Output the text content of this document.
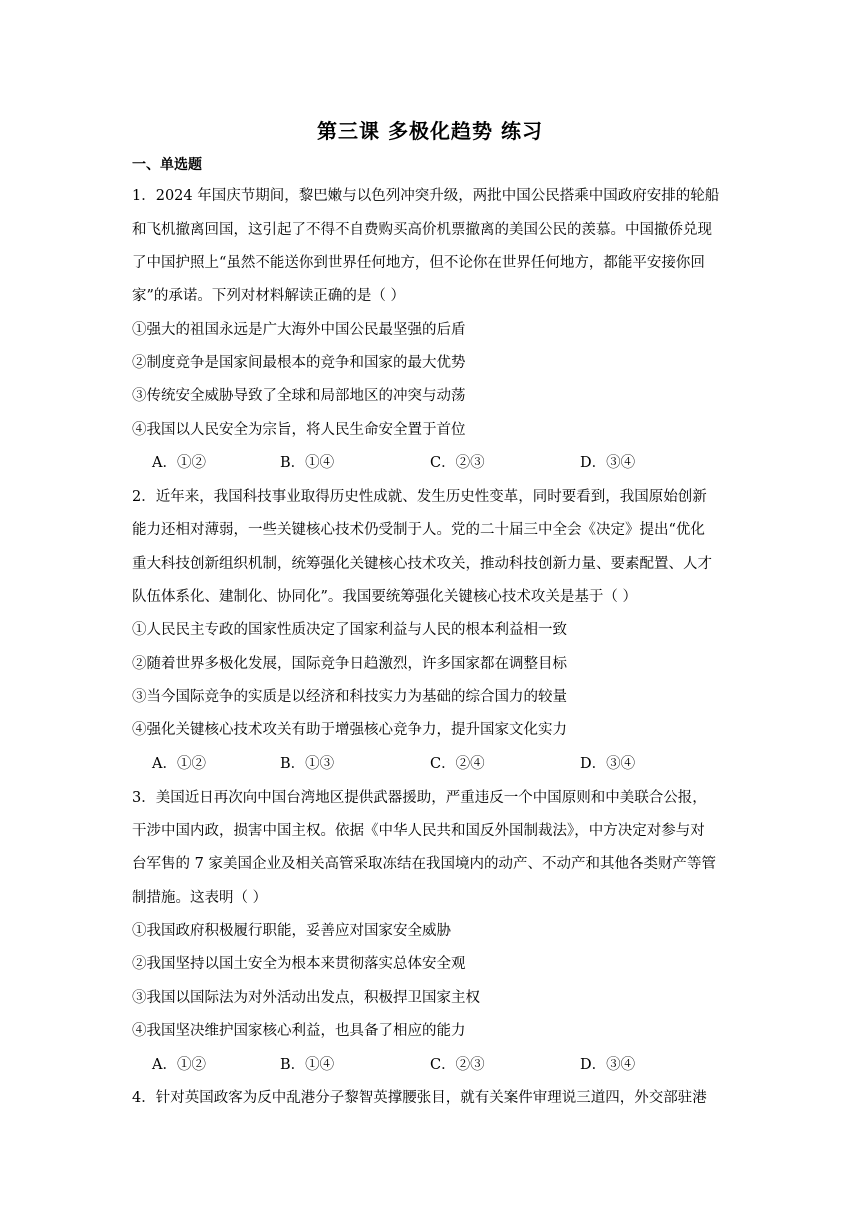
第三课 多极化趋势 练习
一、单选题
1．2024 年国庆节期间，黎巴嫩与以色列冲突升级，两批中国公民搭乘中国政府安排的轮船
和飞机撤离回国，这引起了不得不自费购买高价机票撤离的美国公民的羡慕。中国撤侨兑现
了中国护照上“虽然不能送你到世界任何地方，但不论你在世界任何地方，都能平安接你回
家”的承诺。下列对材料解读正确的是（ ）
①强大的祖国永远是广大海外中国公民最坚强的后盾
②制度竞争是国家间最根本的竞争和国家的最大优势
③传统安全威胁导致了全球和局部地区的冲突与动荡
④我国以人民安全为宗旨，将人民生命安全置于首位
A．①②	B．①④	C．②③	D．③④
2．近年来，我国科技事业取得历史性成就、发生历史性变革，同时要看到，我国原始创新
能力还相对薄弱，一些关键核心技术仍受制于人。党的二十届三中全会《决定》提出“优化
重大科技创新组织机制，统筹强化关键核心技术攻关，推动科技创新力量、要素配置、人才
队伍体系化、建制化、协同化”。我国要统筹强化关键核心技术攻关是基于（ ）
①人民民主专政的国家性质决定了国家利益与人民的根本利益相一致
②随着世界多极化发展，国际竞争日趋激烈，许多国家都在调整目标
③当今国际竞争的实质是以经济和科技实力为基础的综合国力的较量
④强化关键核心技术攻关有助于增强核心竞争力，提升国家文化实力
A．①②	B．①③	C．②④	D．③④
3．美国近日再次向中国台湾地区提供武器援助，严重违反一个中国原则和中美联合公报，
干涉中国内政，损害中国主权。依据《中华人民共和国反外国制裁法》，中方决定对参与对
台军售的 7 家美国企业及相关高管采取冻结在我国境内的动产、不动产和其他各类财产等管
制措施。这表明（ ）
①我国政府积极履行职能，妥善应对国家安全威胁
②我国坚持以国土安全为根本来贯彻落实总体安全观
③我国以国际法为对外活动出发点，积极捍卫国家主权
④我国坚决维护国家核心利益，也具备了相应的能力
A．①②	B．①④	C．②③	D．③④
4．针对英国政客为反中乱港分子黎智英撑腰张目，就有关案件审理说三道四，外交部驻港
